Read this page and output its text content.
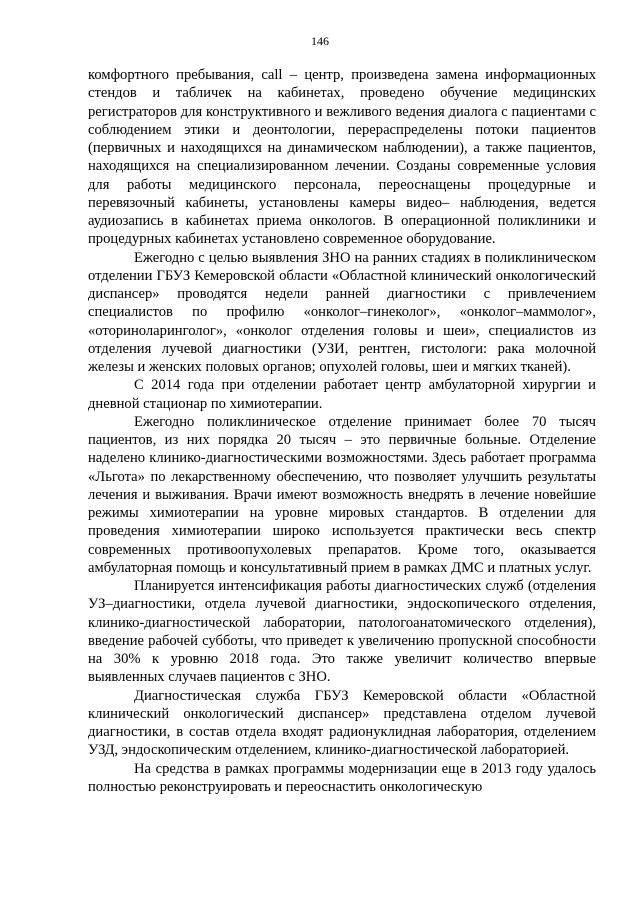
146

комфортного пребывания, call – центр, произведена замена информационных стендов и табличек на кабинетах, проведено обучение медицинских регистраторов для конструктивного и вежливого ведения диалога с пациентами с соблюдением этики и деонтологии, перераспределены потоки пациентов (первичных и находящихся на динамическом наблюдении), а также пациентов, находящихся на специализированном лечении. Созданы современные условия для работы медицинского персонала, переоснащены процедурные и перевязочный кабинеты, установлены камеры видео– наблюдения, ведется аудиозапись в кабинетах приема онкологов. В операционной поликлиники и процедурных кабинетах установлено современное оборудование.

Ежегодно с целью выявления ЗНО на ранних стадиях в поликлиническом отделении ГБУЗ Кемеровской области «Областной клинический онкологический диспансер» проводятся недели ранней диагностики с привлечением специалистов по профилю «онколог–гинеколог», «онколог–маммолог», «оториноларинголог», «онколог отделения головы и шеи», специалистов из отделения лучевой диагностики (УЗИ, рентген, гистологи: рака молочной железы и женских половых органов; опухолей головы, шеи и мягких тканей).

С 2014 года при отделении работает центр амбулаторной хирургии и дневной стационар по химиотерапии.

Ежегодно поликлиническое отделение принимает более 70 тысяч пациентов, из них порядка 20 тысяч – это первичные больные. Отделение наделено клинико-диагностическими возможностями. Здесь работает программа «Льгота» по лекарственному обеспечению, что позволяет улучшить результаты лечения и выживания. Врачи имеют возможность внедрять в лечение новейшие режимы химиотерапии на уровне мировых стандартов. В отделении для проведения химиотерапии широко используется практически весь спектр современных противоопухолевых препаратов. Кроме того, оказывается амбулаторная помощь и консультативный прием в рамках ДМС и платных услуг.

Планируется интенсификация работы диагностических служб (отделения УЗ–диагностики, отдела лучевой диагностики, эндоскопического отделения, клинико-диагностической лаборатории, патологоанатомического отделения), введение рабочей субботы, что приведет к увеличению пропускной способности на 30% к уровню 2018 года. Это также увеличит количество впервые выявленных случаев пациентов с ЗНО.

Диагностическая служба ГБУЗ Кемеровской области «Областной клинический онкологический диспансер» представлена отделом лучевой диагностики, в состав отдела входят радионуклидная лаборатория, отделением УЗД, эндоскопическим отделением, клинико-диагностической лабораторией.

На средства в рамках программы модернизации еще в 2013 году удалось полностью реконструировать и переоснастить онкологическую
